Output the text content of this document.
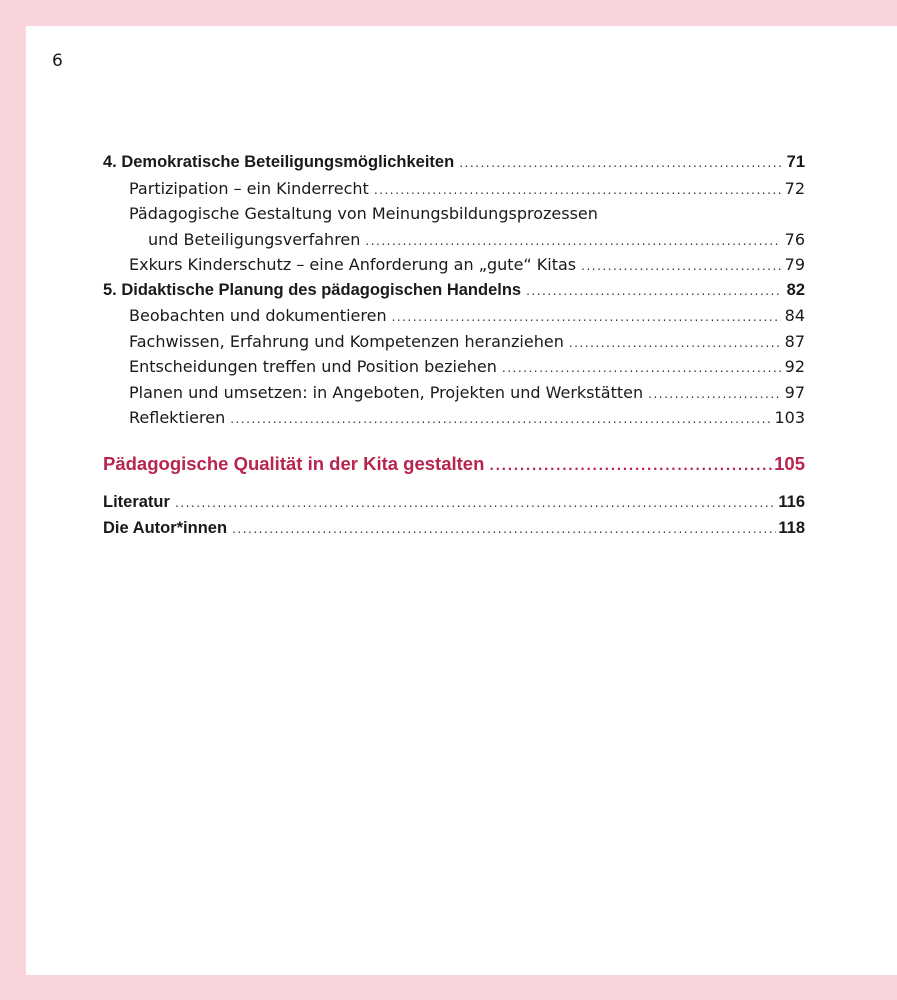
6
4. Demokratische Beteiligungsmöglichkeiten .....	71
Partizipation – ein Kinderrecht .....	72
Pädagogische Gestaltung von Meinungsbildungsprozessen
und Beteiligungsverfahren .....	76
Exkurs Kinderschutz – eine Anforderung an „gute“ Kitas .....	79
5. Didaktische Planung des pädagogischen Handelns .....	82
Beobachten und dokumentieren .....	84
Fachwissen, Erfahrung und Kompetenzen heranziehen .....	87
Entscheidungen treffen und Position beziehen .....	92
Planen und umsetzen: in Angeboten, Projekten und Werkstätten .....	97
Reflektieren .....	103
Pädagogische Qualität in der Kita gestalten .....	105
Literatur .....	116
Die Autor*innen .....	118
